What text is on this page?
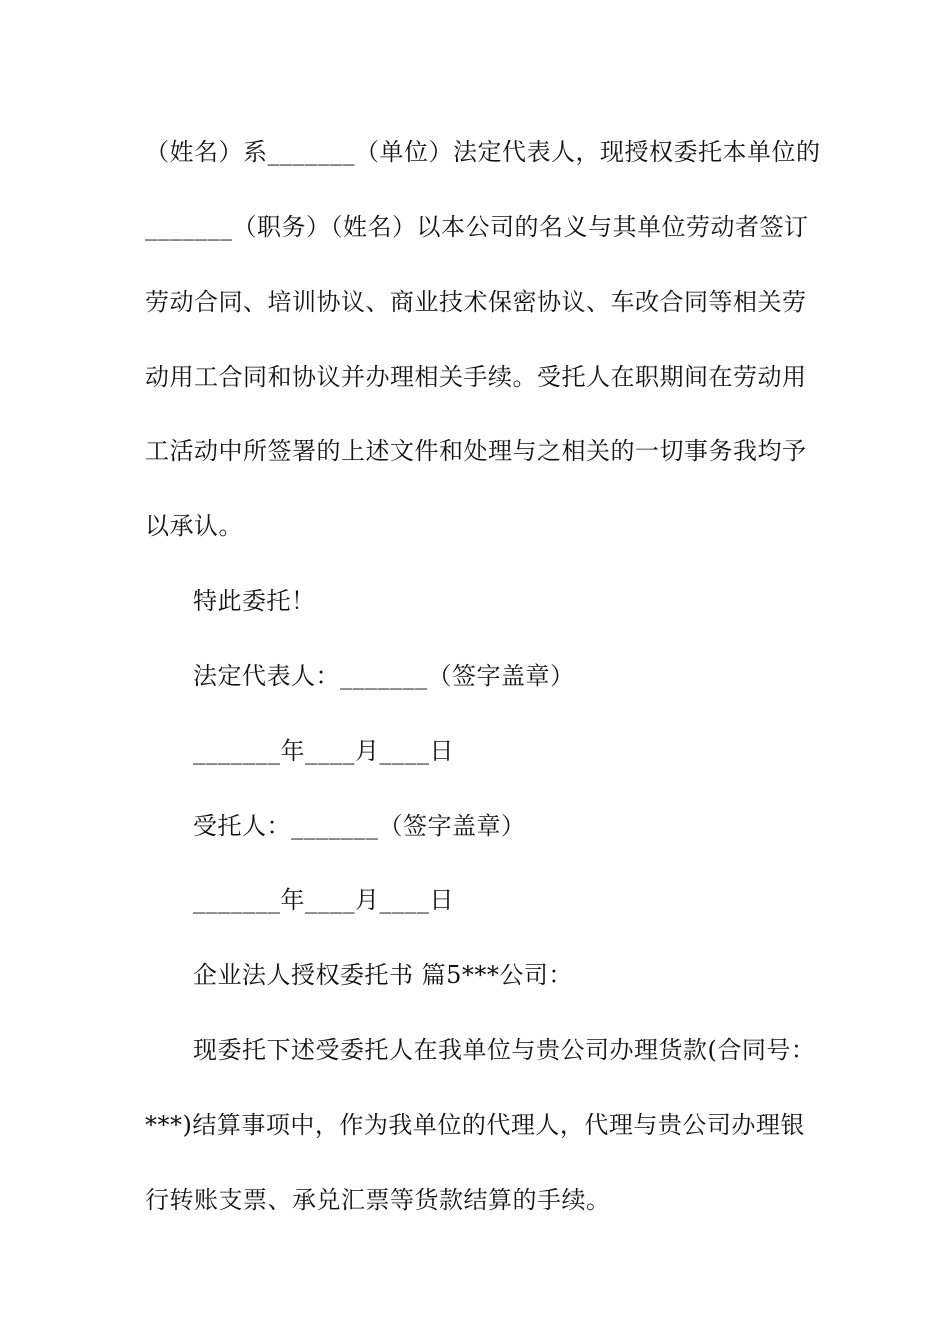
（姓名）系_______（单位）法定代表人，现授权委托本单位的
_______（职务）（姓名）以本公司的名义与其单位劳动者签订
劳动合同、培训协议、商业技术保密协议、车改合同等相关劳
动用工合同和协议并办理相关手续。受托人在职期间在劳动用
工活动中所签署的上述文件和处理与之相关的一切事务我均予
以承认。
特此委托！
法定代表人：_______（签字盖章）
_______年____月____日
受托人：_______（签字盖章）
_______年____月____日
企业法人授权委托书 篇5***公司：
现委托下述受委托人在我单位与贵公司办理货款(合同号：
***)结算事项中，作为我单位的代理人，代理与贵公司办理银
行转账支票、承兑汇票等货款结算的手续。
